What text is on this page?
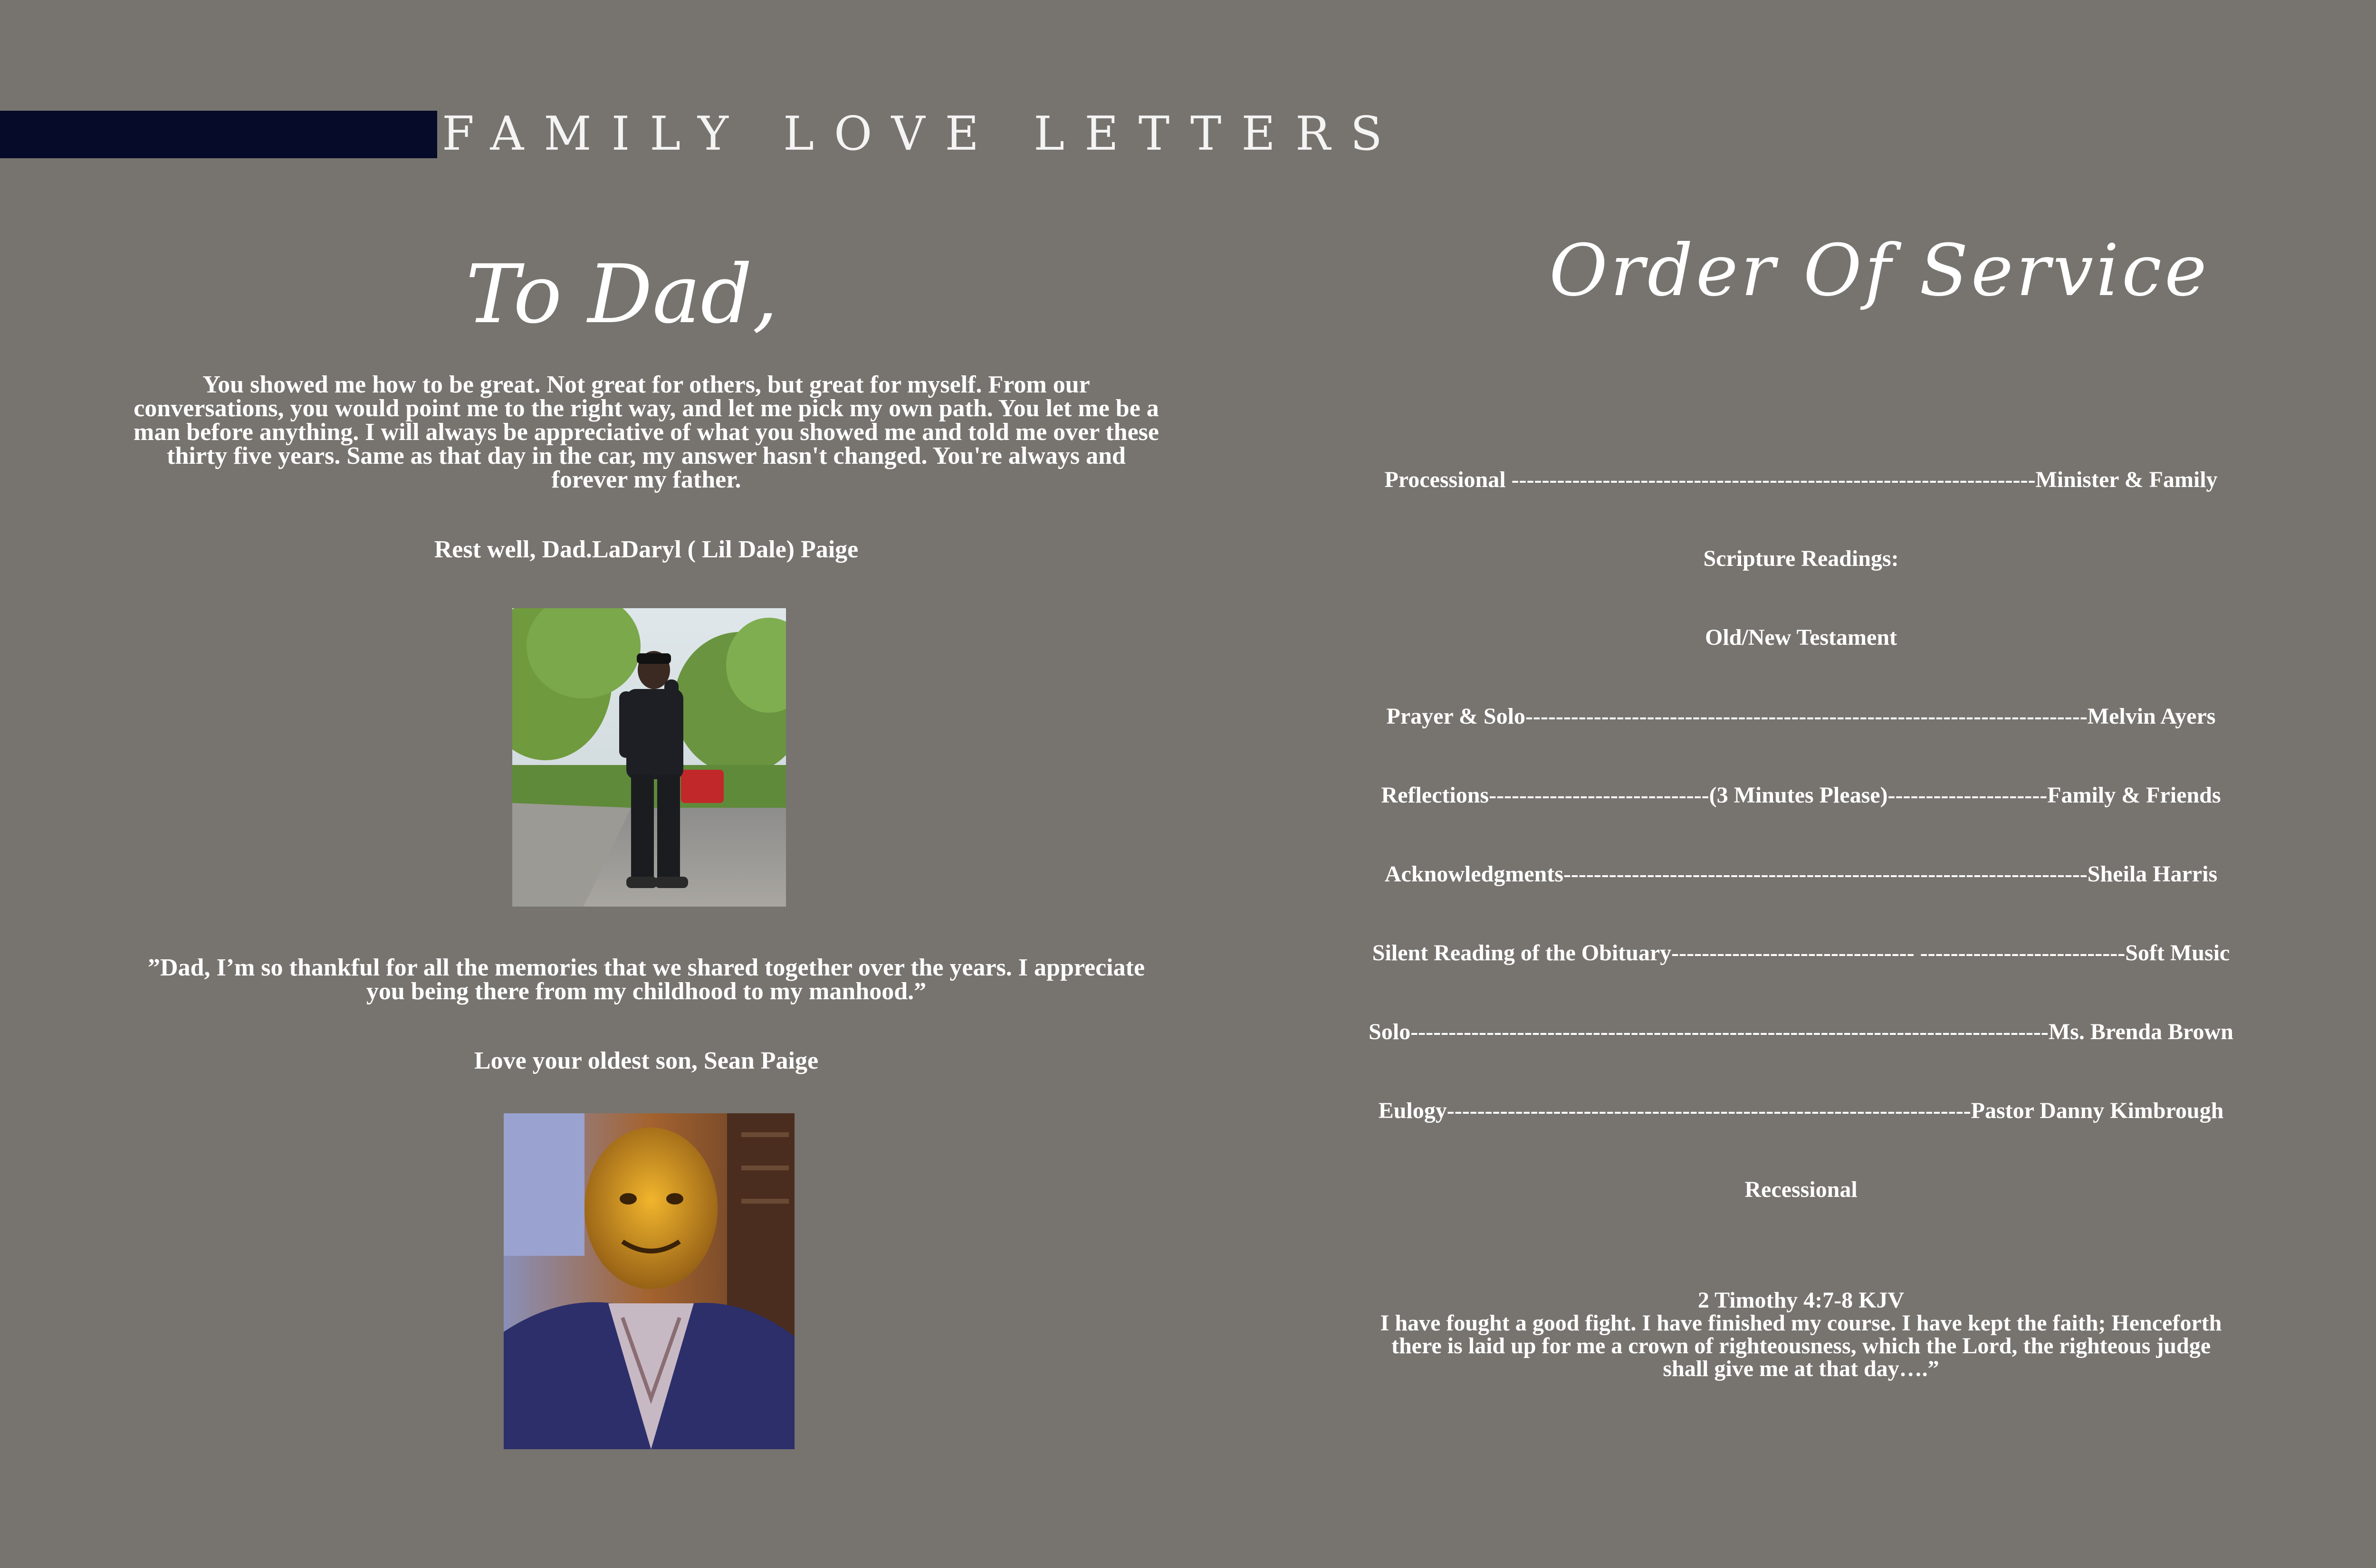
FAMILY LOVE LETTERS
To Dad,
You showed me how to be great. Not great for others, but great for myself. From our conversations, you would point me to the right way, and let me pick my own path. You let me be a man before anything. I will always be appreciative of what you showed me and told me over these thirty five years. Same as that day in the car, my answer hasn't changed. You're always and forever my father.
Rest well, Dad.LaDaryl ( Lil Dale) Paige
”Dad, I’m so thankful for all the memories that we shared together over the years. I appreciate you being there from my childhood to my manhood.”
Love your oldest son, Sean Paige
Order Of Service
Processional ---------------------------------------------------------------------Minister & Family
Scripture Readings:
Old/New Testament
Prayer & Solo--------------------------------------------------------------------------Melvin Ayers
Reflections-----------------------------(3 Minutes Please)---------------------Family & Friends
Acknowledgments---------------------------------------------------------------------Sheila Harris
Silent Reading of the Obituary-------------------------------- ---------------------------Soft Music
Solo------------------------------------------------------------------------------------Ms. Brenda Brown
Eulogy---------------------------------------------------------------------Pastor Danny Kimbrough
Recessional
2 Timothy 4:7-8 KJV
I have fought a good fight. I have finished my course. I have kept the faith; Henceforth
there is laid up for me a crown of righteousness, which the Lord, the righteous judge
shall give me at that day….”
